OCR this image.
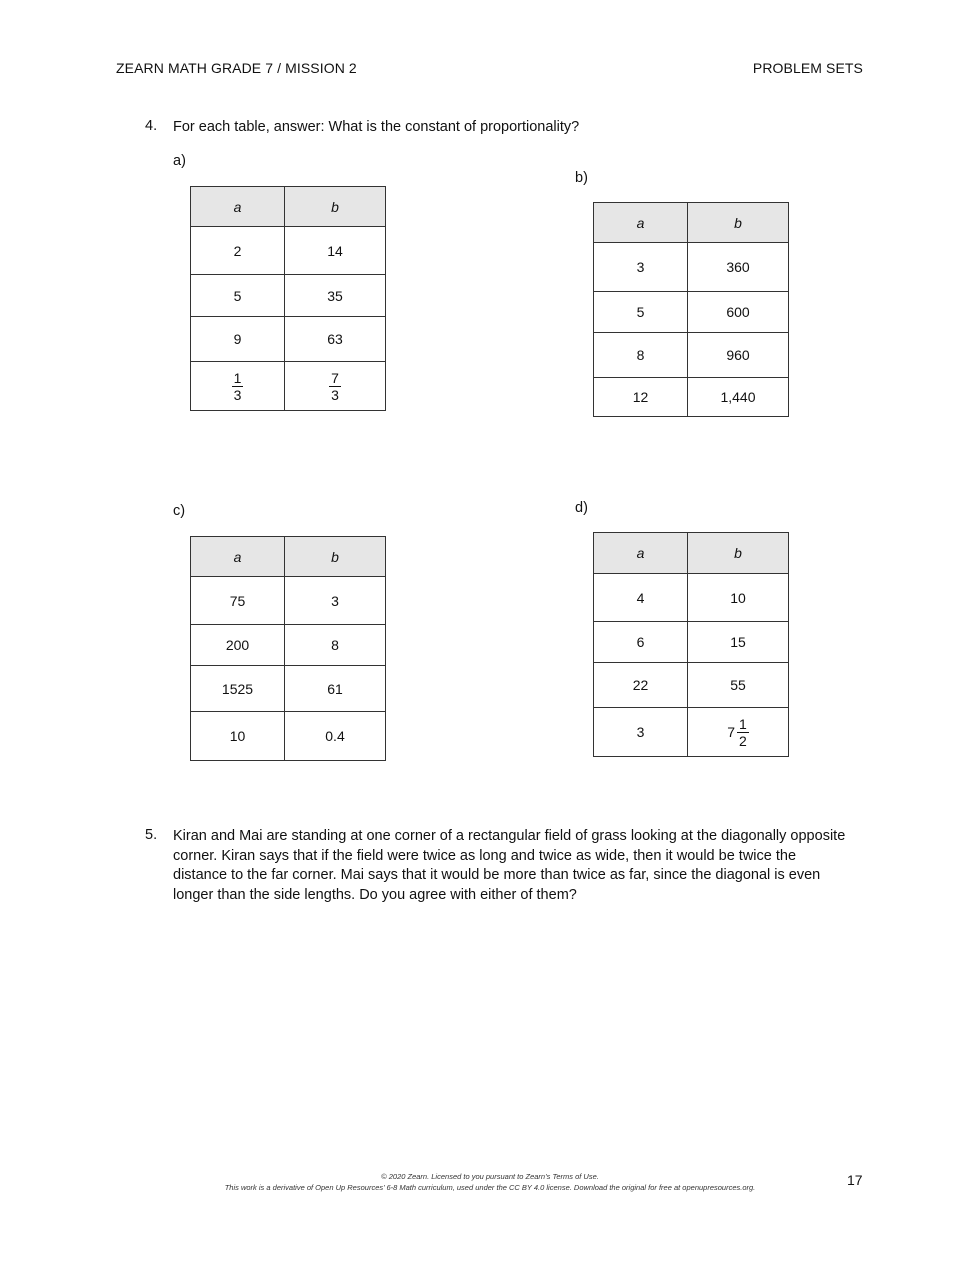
ZEARN MATH GRADE 7 / MISSION 2	PROBLEM SETS
4. For each table, answer: What is the constant of proportionality?
a)
a	b
2	14
5	35
9	63

$\frac{1}{3}$	$\frac{7}{3}$
b)
a	b
3	360
5	600
8	960
12	1,440
c)
a	b
75	3
200	8
1525	61
10	0.4
d)
a	b
4	10
6	15
22	55
3	$7 \frac{1}{2}$
5. Kiran and Mai are standing at one corner of a rectangular field of grass looking at the diagonally opposite
corner. Kiran says that if the field were twice as long and twice as wide, then it would be twice the
distance to the far corner. Mai says that it would be more than twice as far, since the diagonal is even
longer than the side lengths. Do you agree with either of them?
© 2020 Zearn. Licensed to you pursuant to Zearn’s Terms of Use.
This work is a derivative of Open Up Resources’ 6-8 Math curriculum, used under the CC BY 4.0 license. Download the original for free at openupresources.org.	17
